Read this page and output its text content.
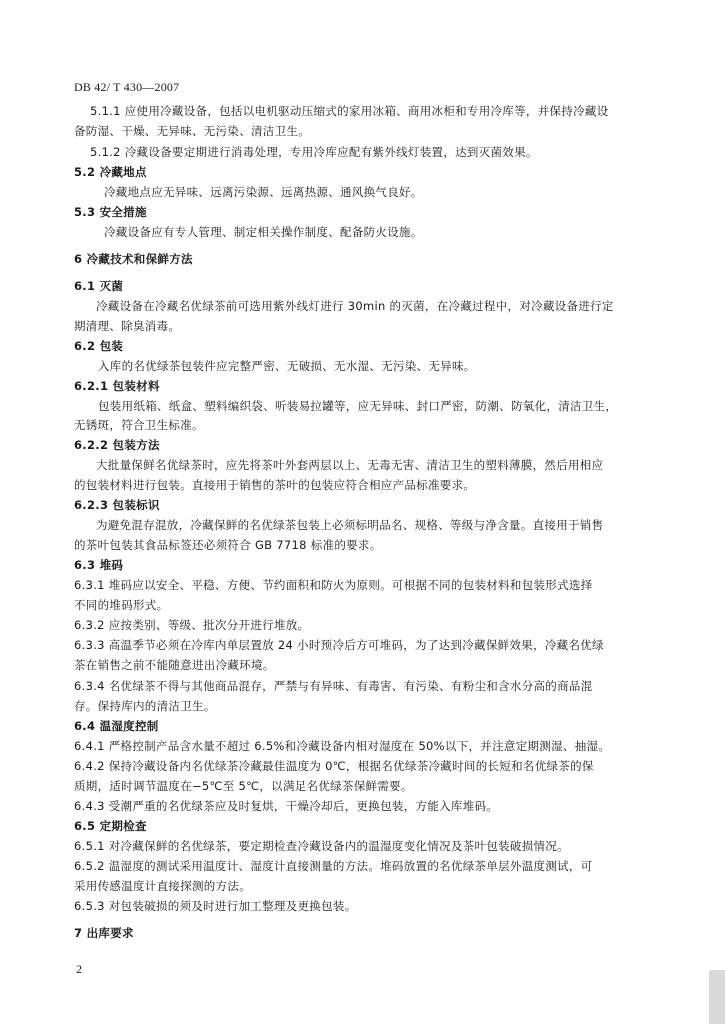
DB 42/ T 430—2007
5.1.1 应使用冷藏设备，包括以电机驱动压缩式的家用冰箱、商用冰柜和专用冷库等，并保持冷藏设
备防湿、干燥、无异味、无污染、清洁卫生。
5.1.2 冷藏设备要定期进行消毒处理，专用冷库应配有紫外线灯装置，达到灭菌效果。
5.2 冷藏地点
冷藏地点应无异味、远离污染源、远离热源、通风换气良好。
5.3 安全措施
冷藏设备应有专人管理、制定相关操作制度、配备防火设施。
6 冷藏技术和保鲜方法
6.1 灭菌
冷藏设备在冷藏名优绿茶前可选用紫外线灯进行 30min 的灭菌，在冷藏过程中，对冷藏设备进行定
期清理、除臭消毒。
6.2 包装
入库的名优绿茶包装件应完整严密、无破损、无水湿、无污染、无异味。
6.2.1 包装材料
包装用纸箱、纸盒、塑料编织袋、听装易拉罐等，应无异味、封口严密，防潮、防氧化，清洁卫生，
无锈斑，符合卫生标准。
6.2.2 包装方法
大批量保鲜名优绿茶时，应先将茶叶外套两层以上、无毒无害、清洁卫生的塑料薄膜，然后用相应
的包装材料进行包装。直接用于销售的茶叶的包装应符合相应产品标准要求。
6.2.3 包装标识
为避免混存混放，冷藏保鲜的名优绿茶包装上必须标明品名、规格、等级与净含量。直接用于销售
的茶叶包装其食品标签还必须符合 GB 7718 标准的要求。
6.3 堆码
6.3.1 堆码应以安全、平稳、方便、节约面积和防火为原则。可根据不同的包装材料和包装形式选择
不同的堆码形式。
6.3.2 应按类别、等级、批次分开进行堆放。
6.3.3 高温季节必须在冷库内单层置放 24 小时预冷后方可堆码，为了达到冷藏保鲜效果，冷藏名优绿
茶在销售之前不能随意进出冷藏环境。
6.3.4 名优绿茶不得与其他商品混存，严禁与有异味、有毒害、有污染、有粉尘和含水分高的商品混
存。保持库内的清洁卫生。
6.4 温湿度控制
6.4.1 严格控制产品含水量不超过 6.5%和冷藏设备内相对湿度在 50%以下，并注意定期测湿、抽湿。
6.4.2 保持冷藏设备内名优绿茶冷藏最佳温度为 0℃，根据名优绿茶冷藏时间的长短和名优绿茶的保
质期，适时调节温度在−5℃至 5℃，以满足名优绿茶保鲜需要。
6.4.3 受潮严重的名优绿茶应及时复烘，干燥冷却后，更换包装，方能入库堆码。
6.5 定期检查
6.5.1 对冷藏保鲜的名优绿茶，要定期检查冷藏设备内的温湿度变化情况及茶叶包装破损情况。
6.5.2 温湿度的测试采用温度计、湿度计直接测量的方法。堆码放置的名优绿茶单层外温度测试，可
采用传感温度计直接探测的方法。
6.5.3 对包装破损的须及时进行加工整理及更换包装。
7 出库要求
2
